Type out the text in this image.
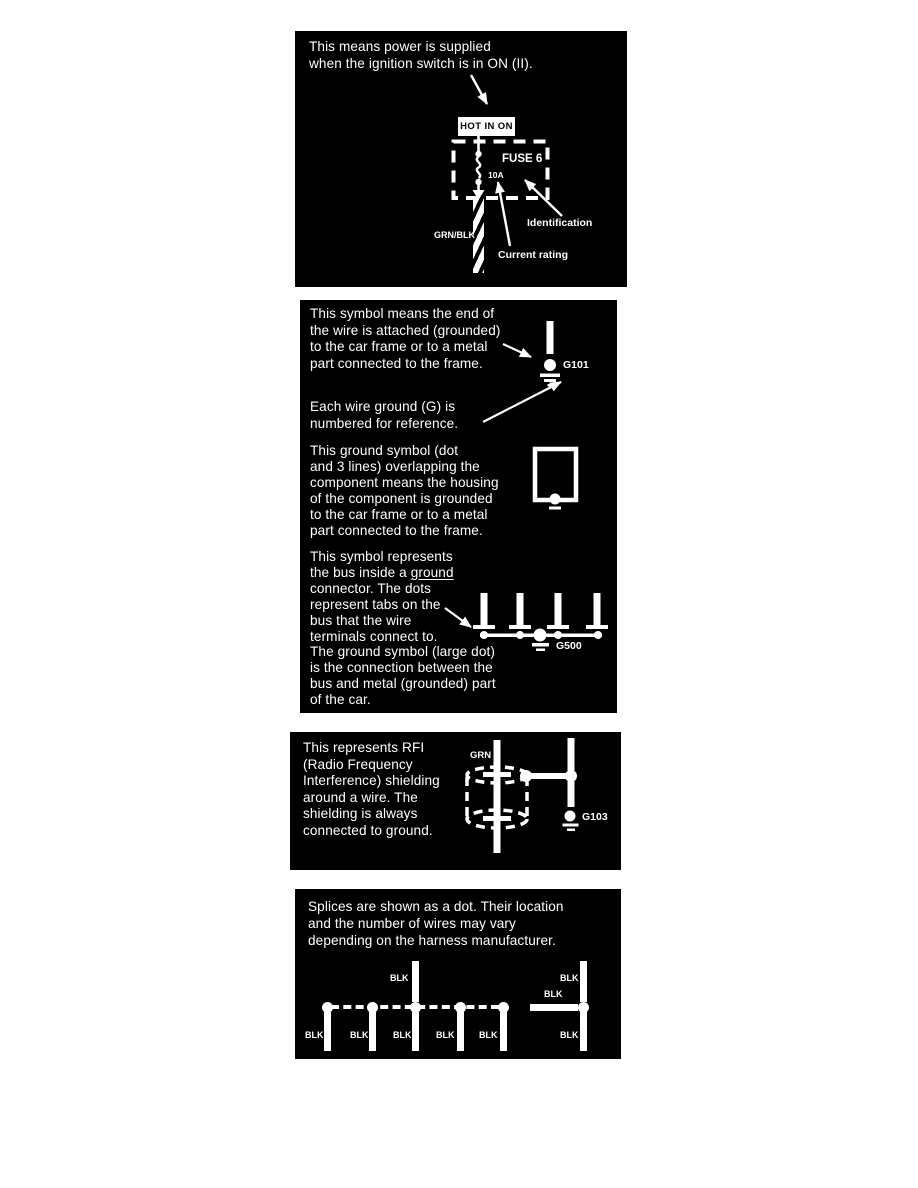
This means power is supplied
when the ignition switch is in ON (II).
HOT IN ON
FUSE 6
10A
GRN/BLK
Identification
Current rating
This symbol means the end of
the wire is attached (grounded)
to the car frame or to a metal
part connected to the frame.
Each wire ground (G) is
numbered for reference.
This ground symbol (dot
and 3 lines) overlapping the
component means the housing
of the component is grounded
to the car frame or to a metal
part connected to the frame.
This symbol represents
the bus inside a ground
connector. The dots
represent tabs on the
bus that the wire
terminals connect to.
The ground symbol (large dot)
is the connection between the
bus and metal (grounded) part
of the car.
G101
G500
This represents RFI
(Radio Frequency
Interference) shielding
around a wire. The
shielding is always
connected to ground.
GRN
G103
Splices are shown as a dot. Their location
and the number of wires may vary
depending on the harness manufacturer.
BLK
BLK	BLK	BLK	BLK	BLK
BLK
BLK
BLK
